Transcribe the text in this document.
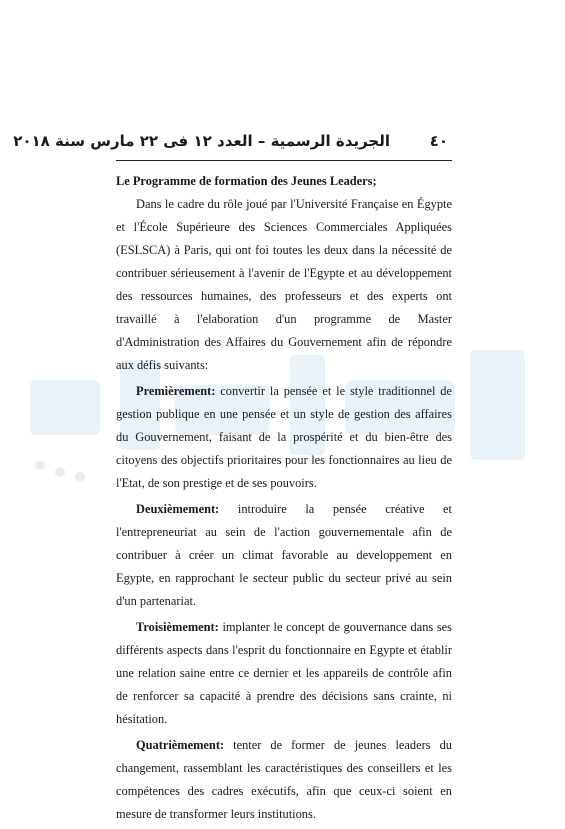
٤٠
الجريدة الرسمية – العدد ١٢ فى ٢٢ مارس سنة ٢٠١٨
Le Programme de formation des Jeunes Leaders;

Dans le cadre du rôle joué par l'Université Française en Égypte et l'École Supérieure des Sciences Commerciales Appliquées (ESLSCA) à Paris, qui ont foi toutes les deux dans la nécessité de contribuer sérieusement à l'avenir de l'Egypte et au développement des ressources humaines, des professeurs et des experts ont travaillé à l'elaboration d'un programme de Master d'Administration des Affaires du Gouvernement afin de répondre aux défis suivants:

Premièrement: convertir la pensée et le style traditionnel de gestion publique en une pensée et un style de gestion des affaires du Gouvernement, faisant de la prospérité et du bien-être des citoyens des objectifs prioritaires pour les fonctionnaires au lieu de l'Etat, de son prestige et de ses pouvoirs.

Deuxièmement: introduire la pensée créative et l'entrepreneuriat au sein de l'action gouvernementale afin de contribuer à créer un climat favorable au developpement en Egypte, en rapprochant le secteur public du secteur privé au sein d'un partenariat.

Troisièmement: implanter le concept de gouvernance dans ses différents aspects dans l'esprit du fonctionnaire en Egypte et établir une relation saine entre ce dernier et les appareils de contrôle afin de renforcer sa capacité à prendre des décisions sans crainte, ni hésitation.

Quatrièmement: tenter de former de jeunes leaders du changement, rassemblant les caractéristiques des conseillers et les compétences des cadres exécutifs, afin que ceux-ci soient en mesure de transformer leurs institutions.
